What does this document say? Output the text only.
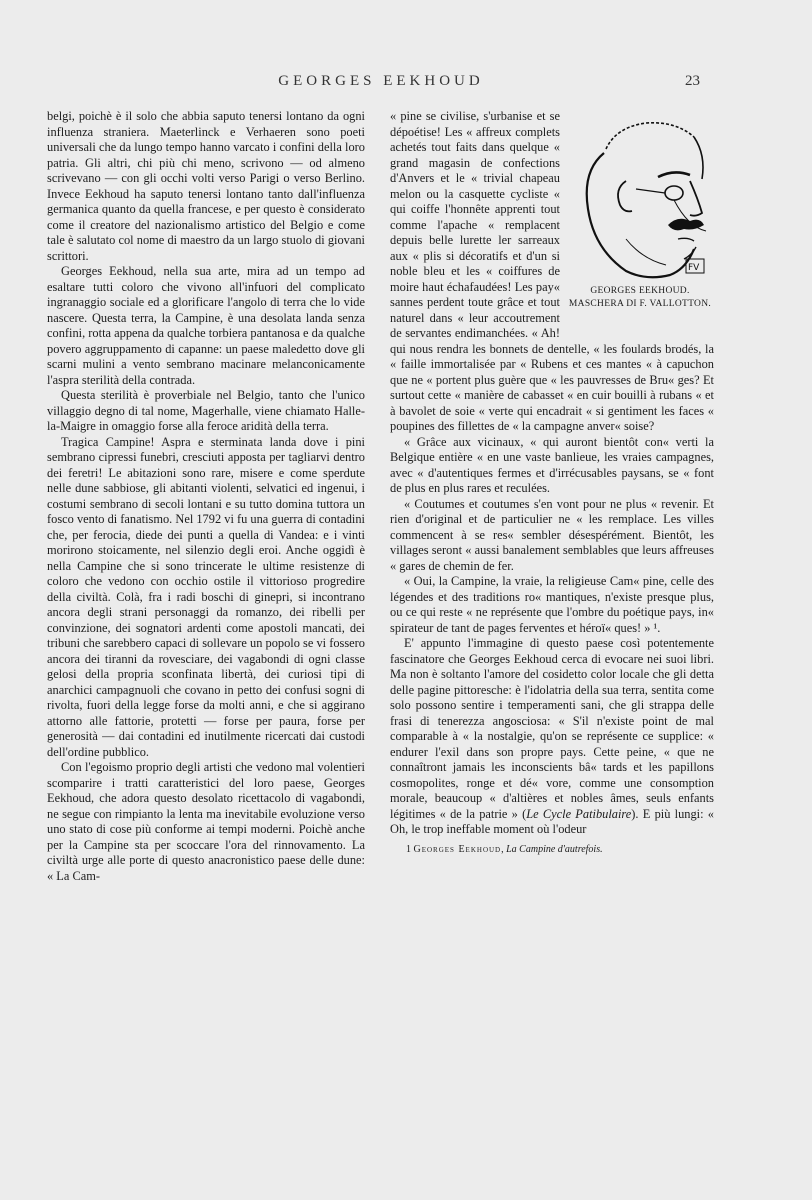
GEORGES EEKHOUD	23

belgi, poichè è il solo che abbia saputo tenersi lontano da ogni influenza straniera. Maeterlinck e Verhaeren sono poeti universali che da lungo tempo hanno varcato i confini della loro patria. Gli altri, chi più chi meno, scrivono — od almeno scrivevano — con gli occhi volti verso Parigi o verso Berlino. Invece Eekhoud ha saputo tenersi lontano tanto dall'influenza germanica quanto da quella francese, e per questo è considerato come il creatore del nazionalismo artistico del Belgio e come tale è salutato col nome di maestro da un largo stuolo di giovani scrittori.

Georges Eekhoud, nella sua arte, mira ad un tempo ad esaltare tutti coloro che vivono all'infuori del complicato ingranaggio sociale ed a glorificare l'angolo di terra che lo vide nascere. Questa terra, la Campine, è una desolata landa senza confini, rotta appena da qualche torbiera pantanosa e da qualche povero aggruppamento di capanne: un paese maledetto dove gli scarni mulini a vento sembrano macinare melanconicamente l'aspra sterilità della contrada.

Questa sterilità è proverbiale nel Belgio, tanto che l'unico villaggio degno di tal nome, Magerhalle, viene chiamato Halle-la-Maigre in omaggio forse alla feroce aridità della terra.

Tragica Campine! Aspra e sterminata landa dove i pini sembrano cipressi funebri, cresciuti apposta per tagliarvi dentro dei feretri! Le abitazioni sono rare, misere e come sperdute nelle dune sabbiose, gli abitanti violenti, selvatici ed ingenui, i costumi sembrano di secoli lontani e su tutto domina tuttora un fosco vento di fanatismo. Nel 1792 vi fu una guerra di contadini che, per ferocia, diede dei punti a quella di Vandea: e i vinti morirono stoicamente, nel silenzio degli eroi. Anche oggidì è nella Campine che si sono trincerate le ultime resistenze di coloro che vedono con occhio ostile il vittorioso progredire della civiltà. Colà, fra i radi boschi di ginepri, si incontrano ancora degli strani personaggi da romanzo, dei ribelli per convinzione, dei sognatori ardenti come apostoli mancati, dei tribuni che sarebbero capaci di sollevare un popolo se vi fossero ancora dei tiranni da rovesciare, dei vagabondi di ogni classe gelosi della propria sconfinata libertà, dei curiosi tipi di anarchici campagnuoli che covano in petto dei confusi sogni di rivolta, fuori della legge forse da molti anni, e che si aggirano attorno alle fattorie, protetti — forse per paura, forse per generosità — dai contadini ed inutilmente ricercati dai custodi dell'ordine pubblico.

Con l'egoismo proprio degli artisti che vedono mal volentieri scomparire i tratti caratteristici del loro paese, Georges Eekhoud, che adora questo desolato ricettacolo di vagabondi, ne segue con rimpianto la lenta ma inevitabile evoluzione verso uno stato di cose più conforme ai tempi moderni. Poichè anche per la Campine sta per scoccare l'ora del rinnovamento. La civiltà urge alle porte di questo anacronistico paese delle dune: « La Cam-

FV
GEORGES EEKHOUD.
MASCHERA DI F. VALLOTTON.

« pine se civilise, s'urbanise et se dépoétise! Les « affreux complets achetés tout faits dans quelque « grand magasin de confections d'Anvers et le « trivial chapeau melon ou la casquette cycliste « qui coiffe l'honnête apprenti tout comme l'apache « remplacent depuis belle lurette ler sarreaux aux « plis si décoratifs et d'un si noble bleu et les « coiffures de moire haut échafaudées! Les pay« sannes perdent toute grâce et tout naturel dans « leur accoutrement de servantes endimanchées. « Ah! qui nous rendra les bonnets de dentelle, « les foulards brodés, la « faille immortalisée par « Rubens et ces mantes « à capuchon que ne « portent plus guère que « les pauvresses de Bru« ges? Et surtout cette « manière de cabasset « en cuir bouilli à rubans « et à bavolet de soie « verte qui encadrait « si gentiment les faces « poupines des fillettes de « la campagne anver« soise?

« Grâce aux vicinaux, « qui auront bientôt con« verti la Belgique entière « en une vaste banlieue, les vraies campagnes, avec « d'autentiques fermes et d'irrécusables paysans, se « font de plus en plus rares et reculées.

« Coutumes et coutumes s'en vont pour ne plus « revenir. Et rien d'original et de particulier ne « les remplace. Les villes commencent à se res« sembler désespérément. Bientôt, les villages seront « aussi banalement semblables que leurs affreuses « gares de chemin de fer.

« Oui, la Campine, la vraie, la religieuse Cam« pine, celle des légendes et des traditions ro« mantiques, n'existe presque plus, ou ce qui reste « ne représente que l'ombre du poétique pays, in« spirateur de tant de pages ferventes et héroï« ques! » ¹.

E' appunto l'immagine di questo paese così potentemente fascinatore che Georges Eekhoud cerca di evocare nei suoi libri. Ma non è soltanto l'amore del cosidetto color locale che gli detta delle pagine pittoresche: è l'idolatria della sua terra, sentita come solo possono sentire i temperamenti sani, che gli strappa delle frasi di tenerezza angosciosa: « S'il n'existe point de mal comparable à « la nostalgie, qu'on se représente ce supplice: « endurer l'exil dans son propre pays. Cette peine, « que ne connaîtront jamais les inconscients bâ« tards et les papillons cosmopolites, ronge et dé« vore, comme une consomption morale, beaucoup « d'altières et nobles âmes, seuls enfants légitimes « de la patrie » (Le Cycle Patibulaire). E più lungi: « Oh, le trop ineffable moment où l'odeur

1 Georges Eekhoud, La Campine d'autrefois.
